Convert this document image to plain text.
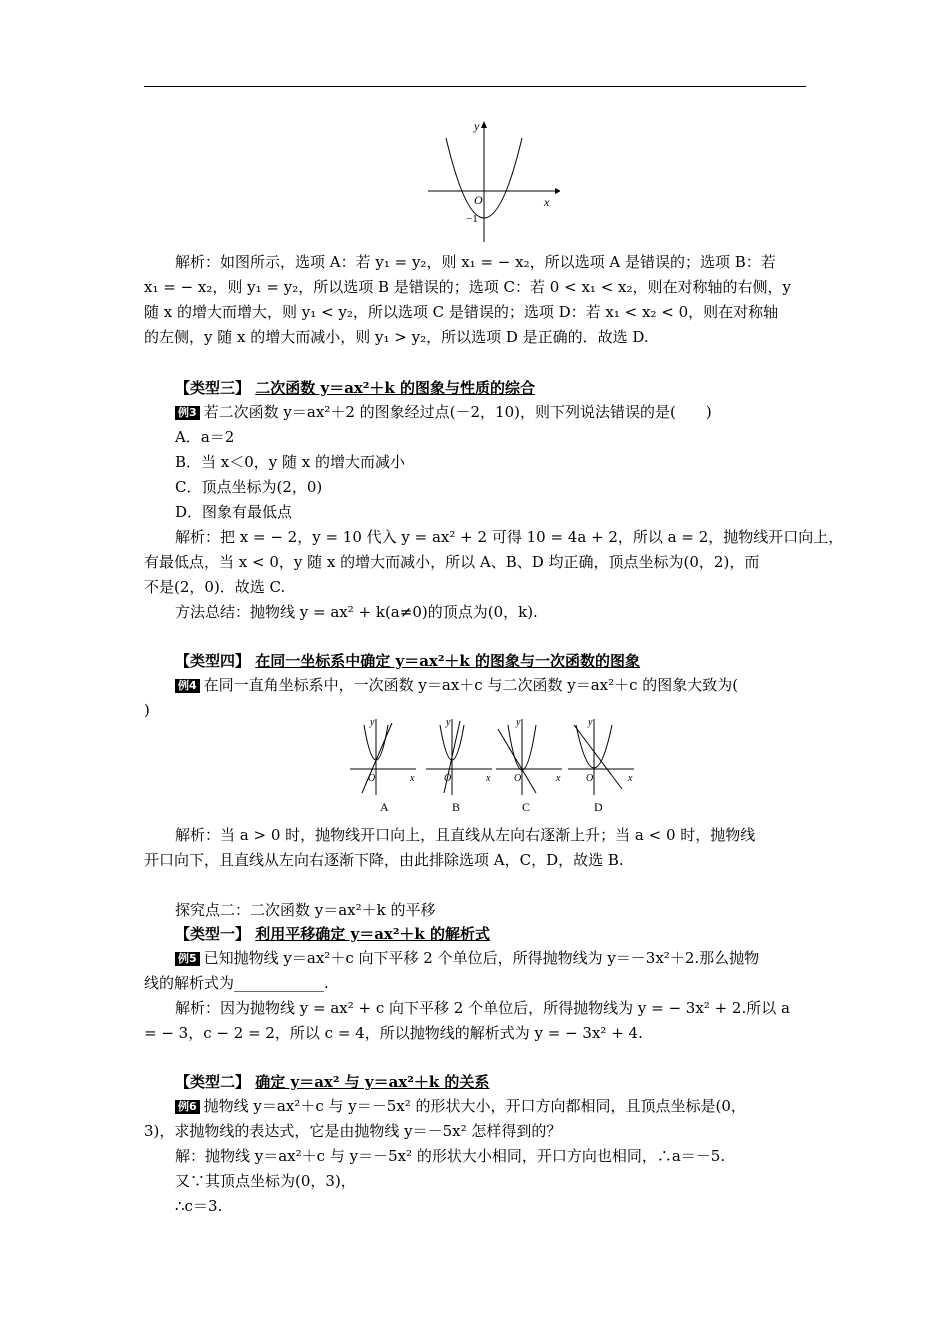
y
x
O
−1
解析：如图所示，选项 A：若 y₁ = y₂，则 x₁ = − x₂，所以选项 A 是错误的；选项 B：若
x₁ = − x₂，则 y₁ = y₂，所以选项 B 是错误的；选项 C：若 0 < x₁ < x₂，则在对称轴的右侧，y
随 x 的增大而增大，则 y₁ < y₂，所以选项 C 是错误的；选项 D：若 x₁ < x₂ < 0，则在对称轴
的左侧，y 随 x 的增大而减小，则 y₁ > y₂，所以选项 D 是正确的．故选 D.
【类型三】 二次函数 y＝ax²＋k 的图象与性质的综合
例3 若二次函数 y＝ax²＋2 的图象经过点(－2，10)，则下列说法错误的是(　　)
A．a＝2
B．当 x＜0，y 随 x 的增大而减小
C．顶点坐标为(2，0)
D．图象有最低点
解析：把 x = − 2，y = 10 代入 y = ax² + 2 可得 10 = 4a + 2，所以 a = 2，抛物线开口向上，
有最低点，当 x < 0，y 随 x 的增大而减小，所以 A、B、D 均正确，顶点坐标为(0，2)，而
不是(2，0)．故选 C.
方法总结：抛物线 y = ax² + k(a≠0)的顶点为(0，k).
【类型四】 在同一坐标系中确定 y＝ax²＋k 的图象与一次函数的图象
例4 在同一直角坐标系中，一次函数 y＝ax＋c 与二次函数 y＝ax²＋c 的图象大致为(
)
y
x
O
y
x
O
y
x
O
y
x
O
A	B	C	D
解析：当 a > 0 时，抛物线开口向上，且直线从左向右逐渐上升；当 a < 0 时，抛物线
开口向下，且直线从左向右逐渐下降，由此排除选项 A，C，D，故选 B.
探究点二：二次函数 y＝ax²＋k 的平移
【类型一】 利用平移确定 y＝ax²＋k 的解析式
例5 已知抛物线 y＝ax²＋c 向下平移 2 个单位后，所得抛物线为 y＝－3x²＋2.那么抛物
线的解析式为____________.
解析：因为抛物线 y = ax² + c 向下平移 2 个单位后，所得抛物线为 y = − 3x² + 2.所以 a
= − 3，c − 2 = 2，所以 c = 4，所以抛物线的解析式为 y = − 3x² + 4.
【类型二】 确定 y＝ax² 与 y＝ax²＋k 的关系
例6 抛物线 y＝ax²＋c 与 y＝－5x² 的形状大小，开口方向都相同，且顶点坐标是(0，
3)，求抛物线的表达式，它是由抛物线 y＝－5x² 怎样得到的？
解：抛物线 y＝ax²＋c 与 y＝－5x² 的形状大小相同，开口方向也相同，∴a＝－5.
又∵其顶点坐标为(0，3)，
∴c＝3.
